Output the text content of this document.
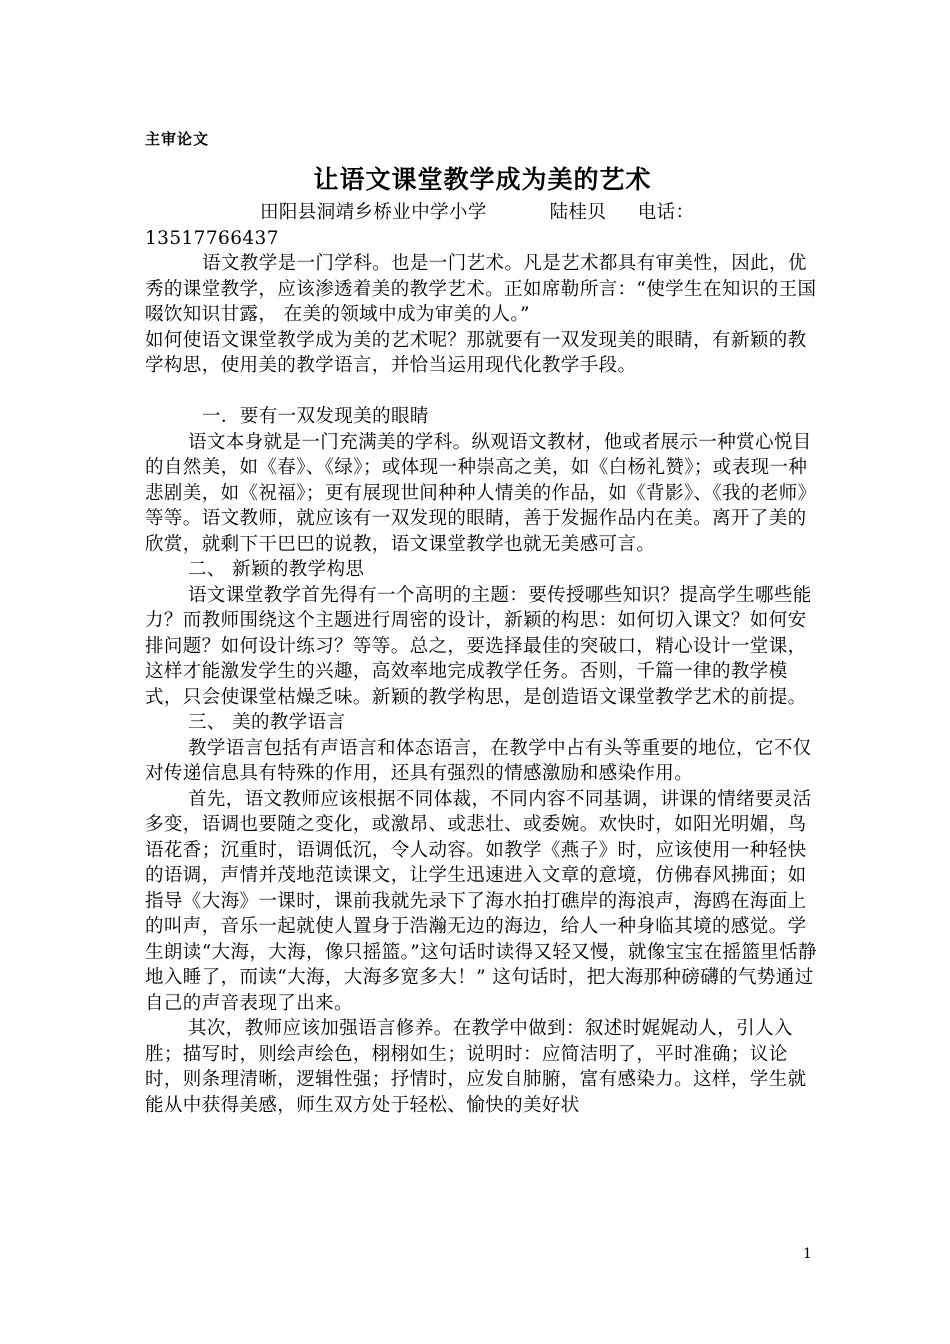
主审论文
让语文课堂教学成为美的艺术

田阳县洞靖乡桥业中学小学          陆桂贝     电话：

13517766437

语文教学是一门学科。也是一门艺术。凡是艺术都具有审美性，因此，优秀的课堂教学，应该渗透着美的教学艺术。正如席勒所言：“使学生在知识的王国啜饮知识甘露， 在美的领域中成为审美的人。”

如何使语文课堂教学成为美的艺术呢？那就要有一双发现美的眼睛，有新颖的教学构思，使用美的教学语言，并恰当运用现代化教学手段。

一．要有一双发现美的眼睛

语文本身就是一门充满美的学科。纵观语文教材，他或者展示一种赏心悦目的自然美，如《春》、《绿》；或体现一种崇高之美，如《白杨礼赞》；或表现一种悲剧美，如《祝福》；更有展现世间种种人情美的作品，如《背影》、《我的老师》等等。语文教师，就应该有一双发现的眼睛，善于发掘作品内在美。离开了美的欣赏，就剩下干巴巴的说教，语文课堂教学也就无美感可言。

二、 新颖的教学构思

语文课堂教学首先得有一个高明的主题：要传授哪些知识？提高学生哪些能力？而教师围绕这个主题进行周密的设计，新颖的构思：如何切入课文？如何安排问题？如何设计练习？等等。总之，要选择最佳的突破口，精心设计一堂课，这样才能激发学生的兴趣，高效率地完成教学任务。否则，千篇一律的教学模式，只会使课堂枯燥乏味。新颖的教学构思，是创造语文课堂教学艺术的前提。

三、 美的教学语言

教学语言包括有声语言和体态语言，在教学中占有头等重要的地位，它不仅对传递信息具有特殊的作用，还具有强烈的情感激励和感染作用。

首先，语文教师应该根据不同体裁，不同内容不同基调，讲课的情绪要灵活多变，语调也要随之变化，或激昂、或悲壮、或委婉。欢快时，如阳光明媚，鸟语花香；沉重时，语调低沉，令人动容。如教学《燕子》时，应该使用一种轻快的语调，声情并茂地范读课文，让学生迅速进入文章的意境，仿佛春风拂面；如指导《大海》一课时，课前我就先录下了海水拍打礁岸的海浪声，海鸥在海面上的叫声，音乐一起就使人置身于浩瀚无边的海边，给人一种身临其境的感觉。学生朗读“大海，大海，像只摇篮。”这句话时读得又轻又慢，就像宝宝在摇篮里恬静地入睡了，而读“大海，大海多宽多大！” 这句话时，把大海那种磅礴的气势通过自己的声音表现了出来。

其次，教师应该加强语言修养。在教学中做到：叙述时娓娓动人，引人入胜；描写时，则绘声绘色，栩栩如生；说明时：应简洁明了，平时准确；议论时，则条理清晰，逻辑性强；抒情时，应发自肺腑，富有感染力。这样，学生就能从中获得美感，师生双方处于轻松、愉快的美好状

1
